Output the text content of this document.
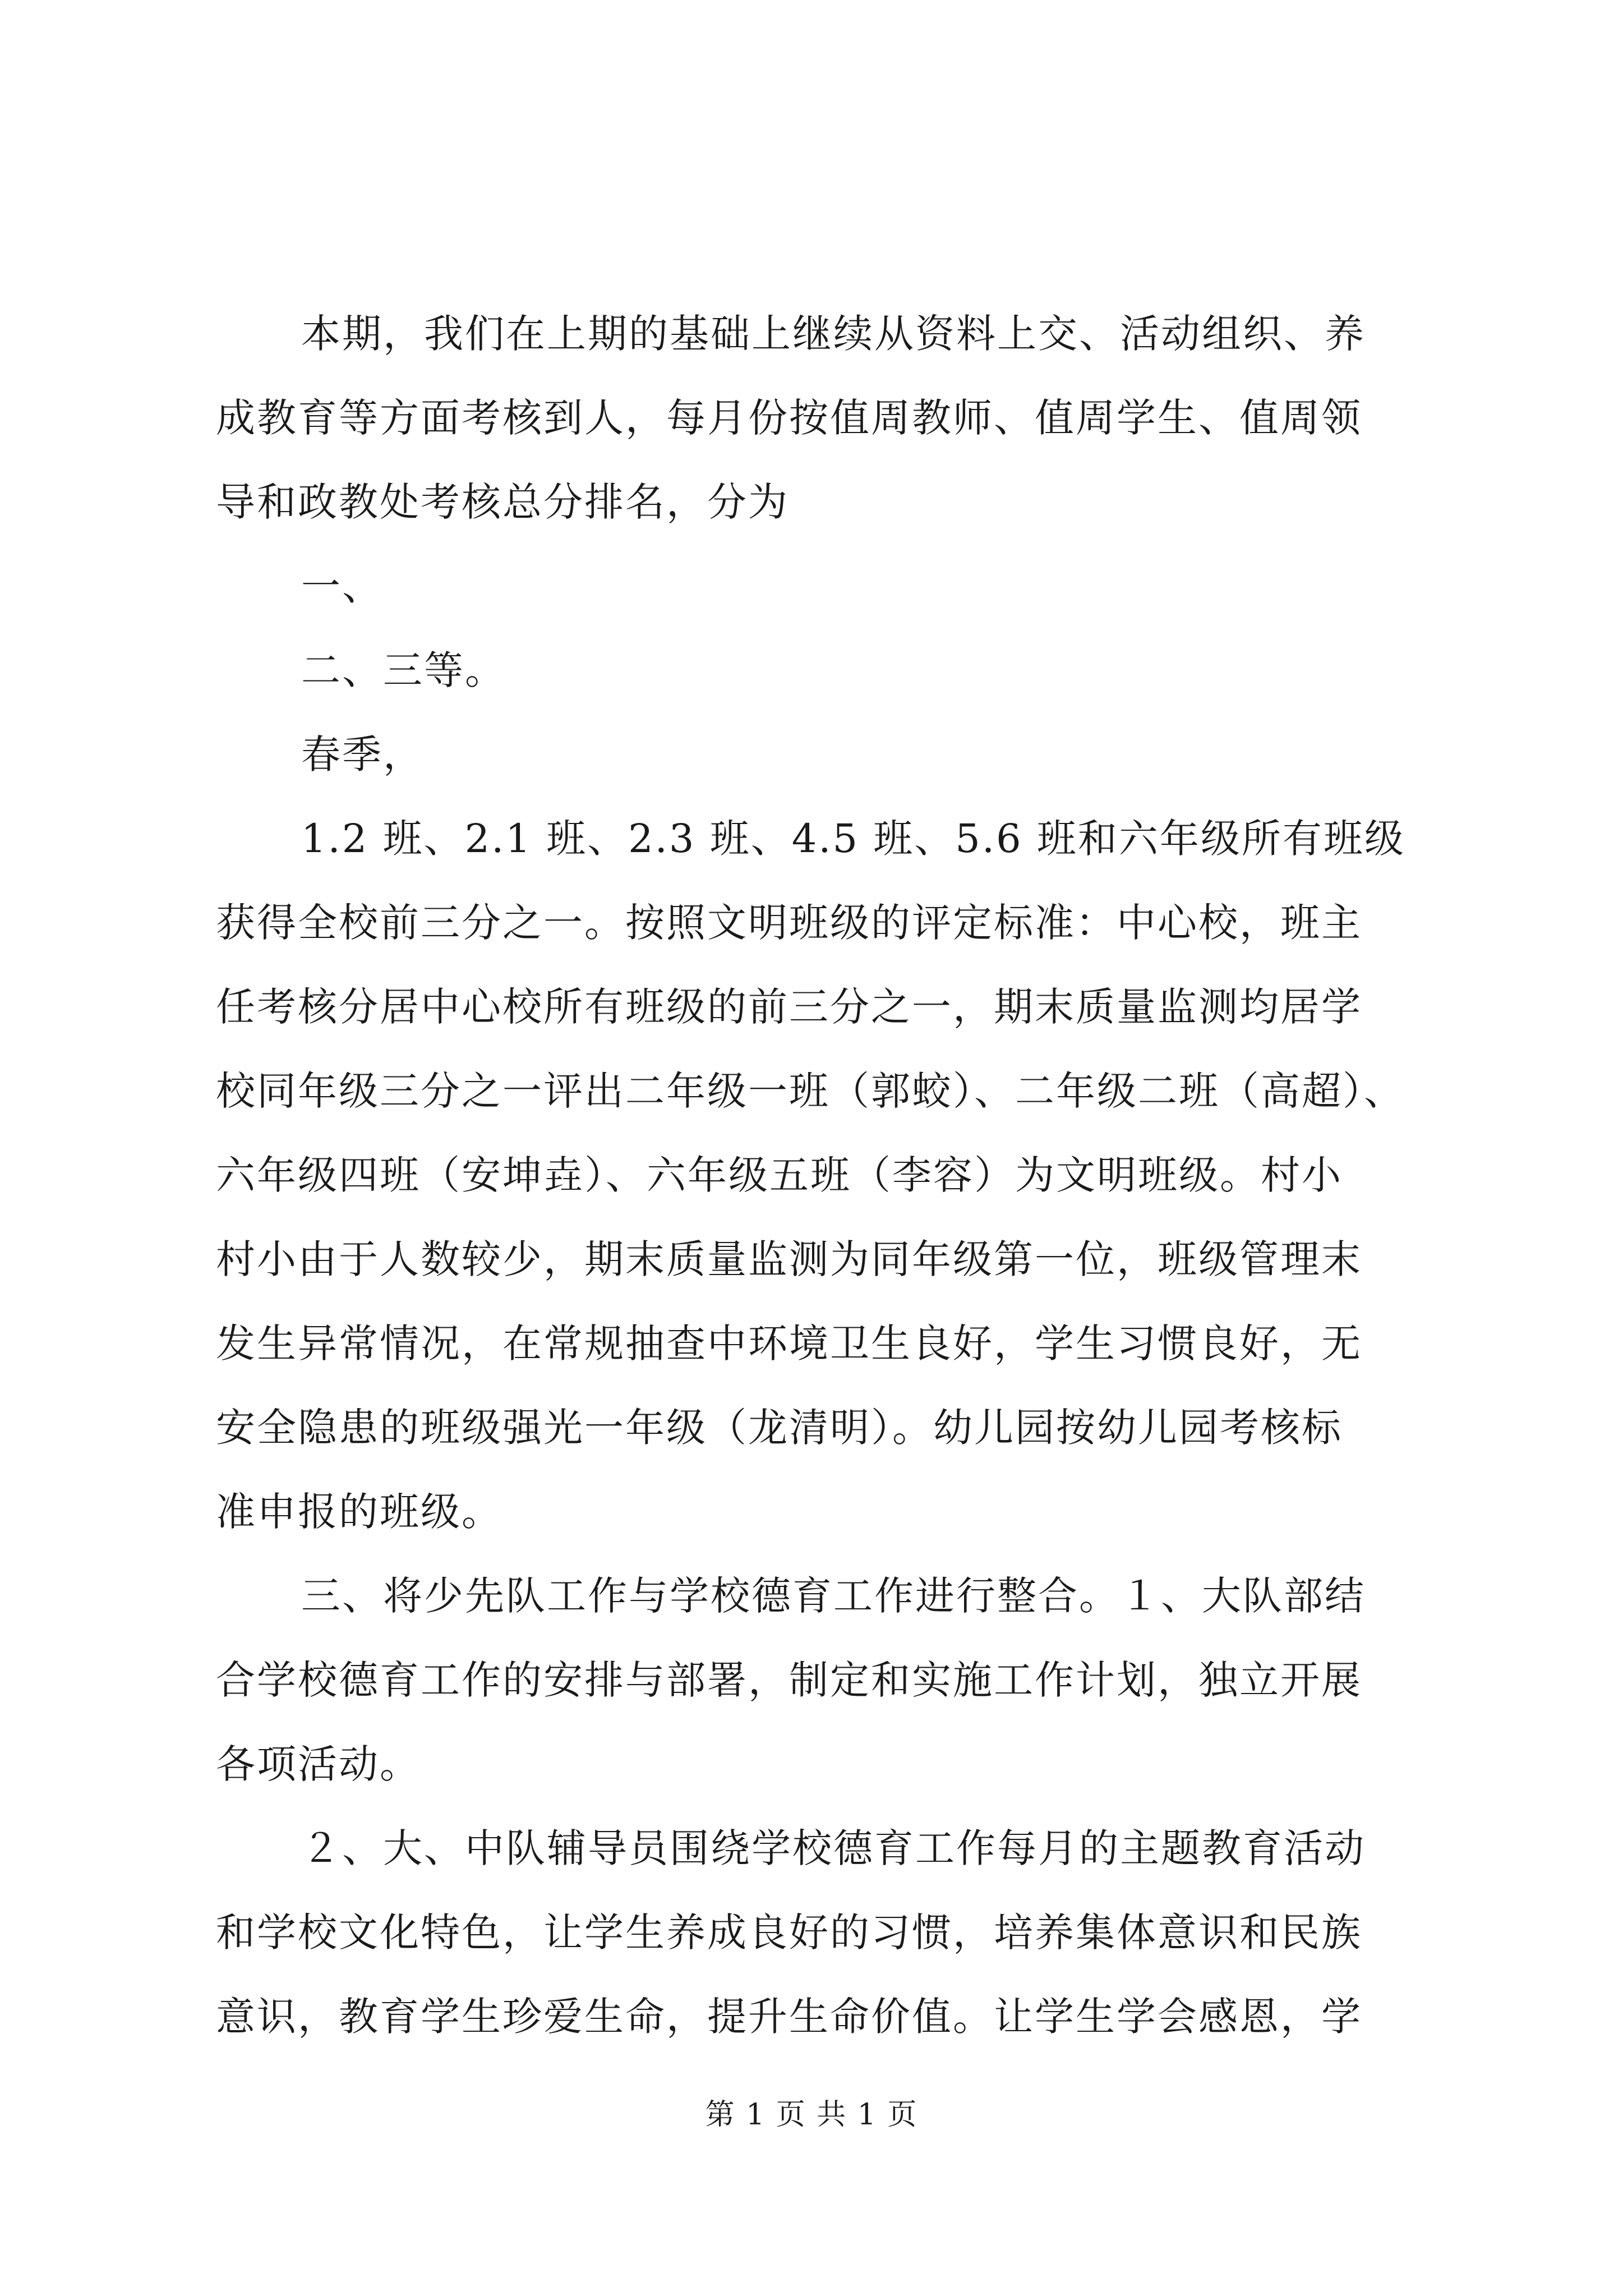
本期，我们在上期的基础上继续从资料上交、活动组织、养
成教育等方面考核到人，每月份按值周教师、值周学生、值周领
导和政教处考核总分排名，分为
一、
二、三等。
春季，
1.2 班、2.1 班、2.3 班、4.5 班、5.6 班和六年级所有班级
获得全校前三分之一。按照文明班级的评定标准：中心校，班主
任考核分居中心校所有班级的前三分之一，期末质量监测均居学
校同年级三分之一评出二年级一班（郭蛟）、二年级二班（高超）、
六年级四班（安坤垚）、六年级五班（李容）为文明班级。村小
村小由于人数较少，期末质量监测为同年级第一位，班级管理末
发生异常情况，在常规抽查中环境卫生良好，学生习惯良好，无
安全隐患的班级强光一年级（龙清明）。幼儿园按幼儿园考核标
准申报的班级。
三、将少先队工作与学校德育工作进行整合。１、大队部结
合学校德育工作的安排与部署，制定和实施工作计划，独立开展
各项活动。
２、大、中队辅导员围绕学校德育工作每月的主题教育活动
和学校文化特色，让学生养成良好的习惯，培养集体意识和民族
意识，教育学生珍爱生命，提升生命价值。让学生学会感恩，学
第 1 页 共 1 页
